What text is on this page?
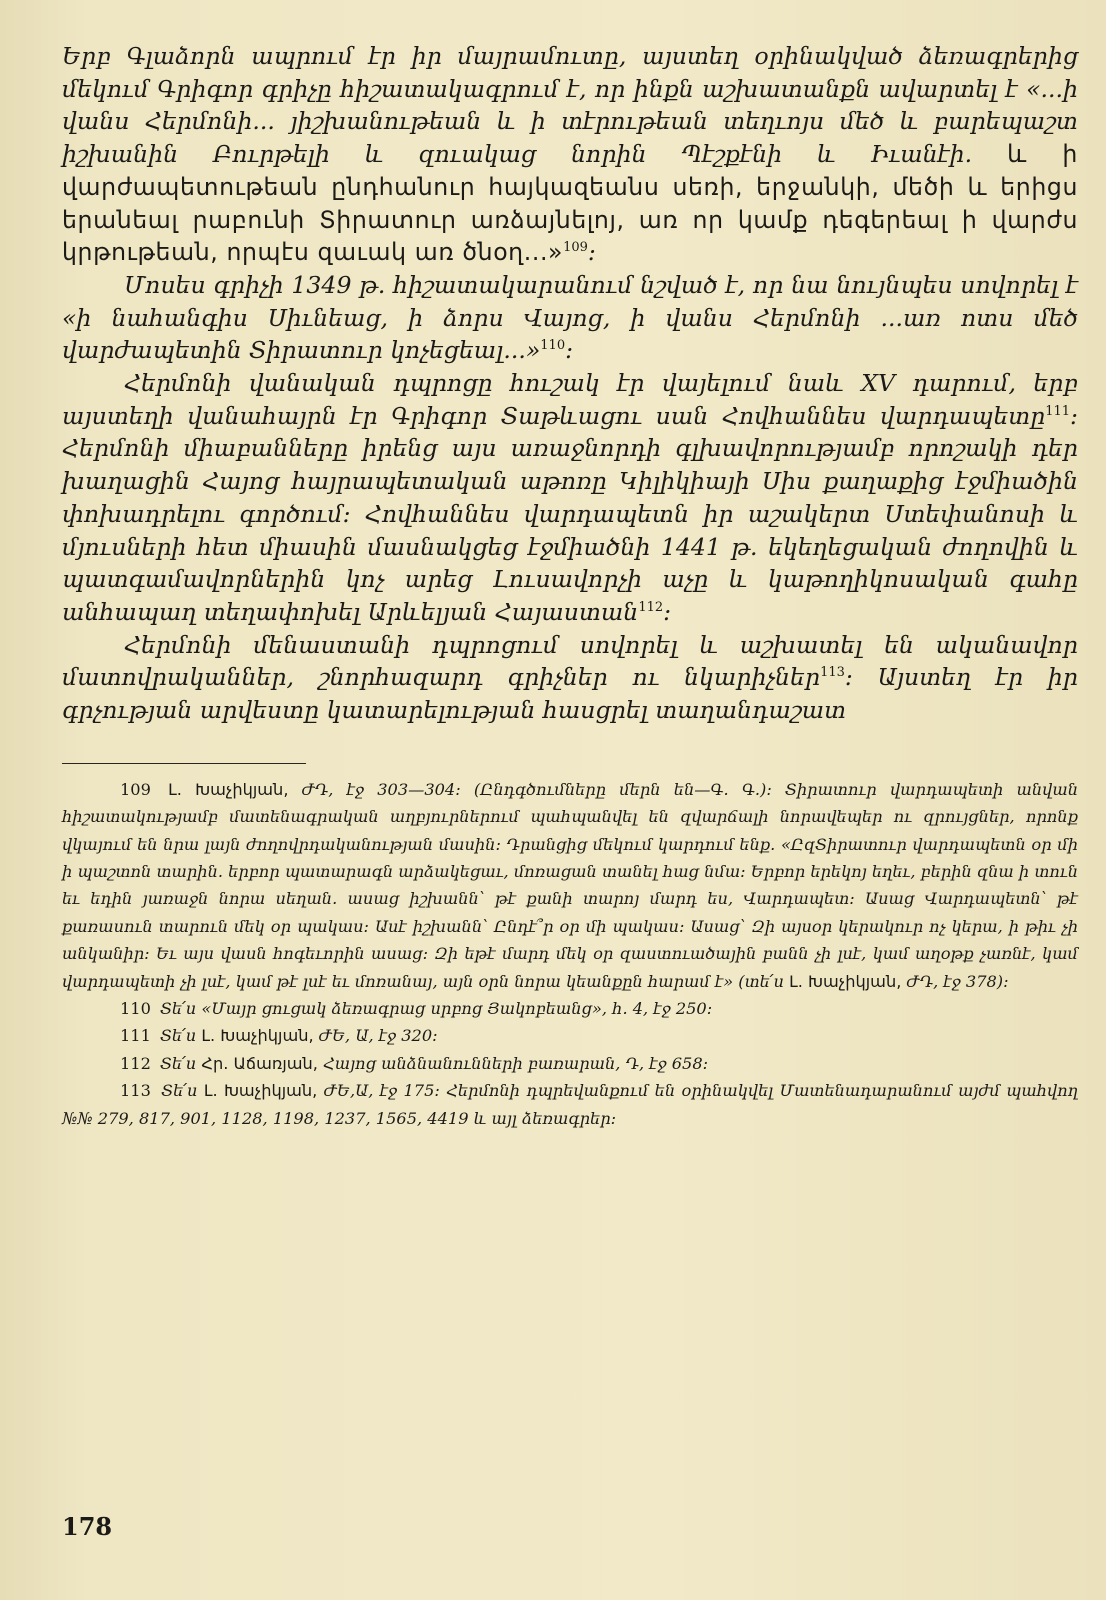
Երբ Գլաձորն ապրում էր իր մայրամուտը, այստեղ օրինակված ձեռագրերից մեկում Գրիգոր գրիչը հիշատակագրում է, որ ինքն աշխատանքն ավարտել է «...ի վանս Հերմոնի... յիշխանութեան և ի տէրութեան տեղւոյս մեծ և բարեպաշտ իշխանին Բուրթելի և զուակաց նորին Պէշքէնի և Իւանէի. և ի վարժապետութեան ընդհանուր հայկազեանս սեռի, երջանկի, մեծի և երիցս երանեալ րաբունի Տիրատուր առձայնելոյ, առ որ կամք դեգերեալ ի վարժս կրթութեան, որպէս զաւակ առ ծնօղ...»$^{109}$:

Մոսես գրիչի 1349 թ. հիշատակարանում նշված է, որ նա նույնպես սովորել է «ի նահանգիս Սիւնեաց, ի ձորս Վայոց, ի վանս Հերմոնի ...առ ոտս մեծ վարժապետին Տիրատուր կոչեցեալ...»$^{110}$:

Հերմոնի վանական դպրոցը հուշակ էր վայելում նաև XV դարում, երբ այստեղի վանահայրն էր Գրիգոր Տաթևացու սան Հովհաննես վարդապետը$^{111}$: Հերմոնի միաբանները իրենց այս առաջնորդի գլխավորությամբ որոշակի դեր խաղացին Հայոց հայրապետական աթոռը Կիլիկիայի Սիս քաղաքից էջմիածին փոխադրելու գործում: Հովհաննես վարդապետն իր աշակերտ Ստեփանոսի և մյուսների հետ միասին մասնակցեց էջմիածնի 1441 թ. եկեղեցական ժողովին և պատգամավորներին կոչ արեց Լուսավորչի աչը և կաթողիկոսական գահը անհապաղ տեղափոխել Արևելյան Հայաստան$^{112}$:

Հերմոնի մենաստանի դպրոցում սովորել և աշխատել են ականավոր մատովրականներ, շնորհազարդ գրիչներ ու նկարիչներ$^{113}$: Այստեղ էր իր գրչության արվեստը կատարելության հասցրել տաղանդաշատ

109 Լ. Խաչիկյան, ԺԴ, էջ 303—304: (Ընդգծումները մերն են—Գ. Գ.): Տիրատուր վարդապետի անվան հիշատակությամբ մատենագրական աղբյուրներում պահպանվել են զվարճալի նորավեպեր ու զրույցներ, որոնք վկայում են նրա լայն ժողովրդականության մասին: Դրանցից մեկում կարդում ենք. «ԸզՏիրատուր վարդապետն օր մի ի պաշտոն տարին. երբոր պատարագն արձակեցաւ, մոռացան տանել հաց նմա: Երբոր երեկոյ եղեւ, բերին զնա ի տուն եւ եդին յառաջն նորա սեղան. ասաց իշխանն՝ թէ քանի տարոյ մարդ ես, Վարդապետ: Ասաց Վարդապետն՝ թէ քառասուն տարուն մեկ օր պակաս: Ասէ իշխանն՝ Ընդէ՞ր օր մի պակաս: Ասաց՝ Զի այսօր կերակուր ոչ կերա, ի թիւ չի անկանիր: Եւ այս վասն հոգեւորին ասաց: Զի եթէ մարդ մեկ օր զաստուածային բանն չի լսէ, կամ աղօթք չառնէ, կամ վարդապետի չի լսէ, կամ թէ լսէ եւ մոռանայ, այն օրն նորա կեանքըն հարամ է» (տե՛ս Լ. Խաչիկյան, ԺԴ, էջ 378):

110 Տե՛ս «Մայր ցուցակ ձեռագրաց սրբոց Յակոբեանց», հ. 4, էջ 250:

111 Տե՛ս Լ. Խաչիկյան, ԺԵ, Ա, էջ 320:

112 Տե՛ս Հր. Աճառյան, Հայոց անձնանունների բառարան, Դ, էջ 658:

113 Տե՛ս Լ. Խաչիկյան, ԺԵ,Ա, էջ 175: Հերմոնի դպրեվանքում են օրինակվել Մատենադարանում այժմ պահվող №№ 279, 817, 901, 1128, 1198, 1237, 1565, 4419 և այլ ձեռագրեր:

178
